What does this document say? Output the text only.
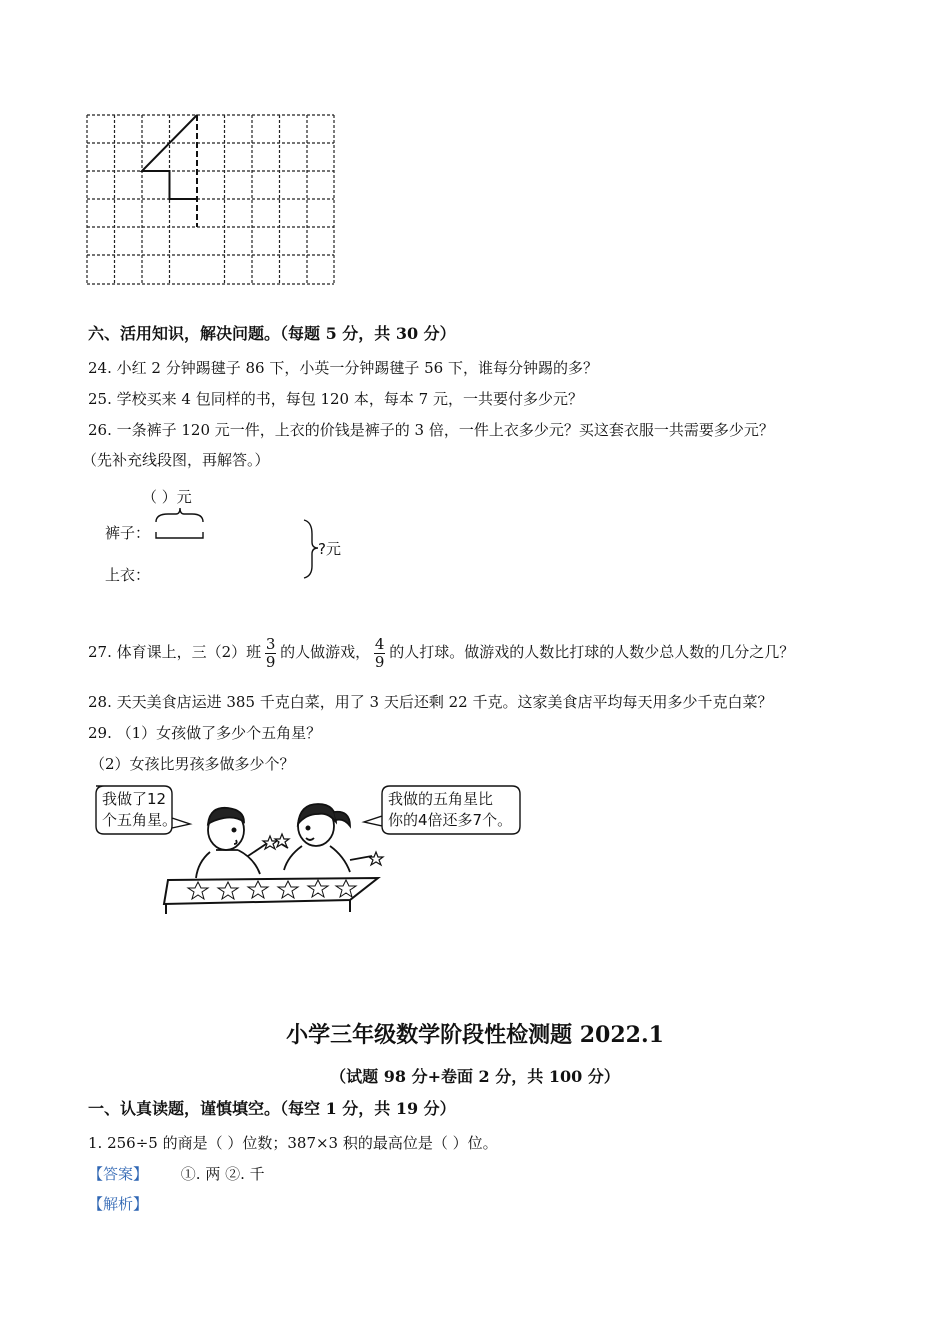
六、活用知识，解决问题。（每题 5 分，共 30 分）
24. 小红 2 分钟踢毽子 86 下，小英一分钟踢毽子 56 下，谁每分钟踢的多？
25. 学校买来 4 包同样的书，每包 120 本，每本 7 元，一共要付多少元？
26. 一条裤子 120 元一件，上衣的价钱是裤子的 3 倍，一件上衣多少元？买这套衣服一共需要多少元？
（先补充线段图，再解答。）
（ ）元
裤子：
上衣：
?元
27. 体育课上，三（2）班 $\frac{3}{9}$ 的人做游戏， $\frac{4}{9}$ 的人打球。做游戏的人数比打球的人数少总人数的几分之几？
28. 天天美食店运进 385 千克白菜，用了 3 天后还剩 22 千克。这家美食店平均每天用多少千克白菜？
29. （1）女孩做了多少个五角星？
（2）女孩比男孩多做多少个？
我做了12
个五角星。
我做的五角星比
你的4倍还多7个。
小学三年级数学阶段性检测题 2022.1
（试题 98 分+卷面 2 分，共 100 分）
一、认真读题，谨慎填空。（每空 1 分，共 19 分）
1. 256÷5 的商是（ ）位数；387×3 积的最高位是（ ）位。
【答案】 ①. 两 ②. 千
【解析】
